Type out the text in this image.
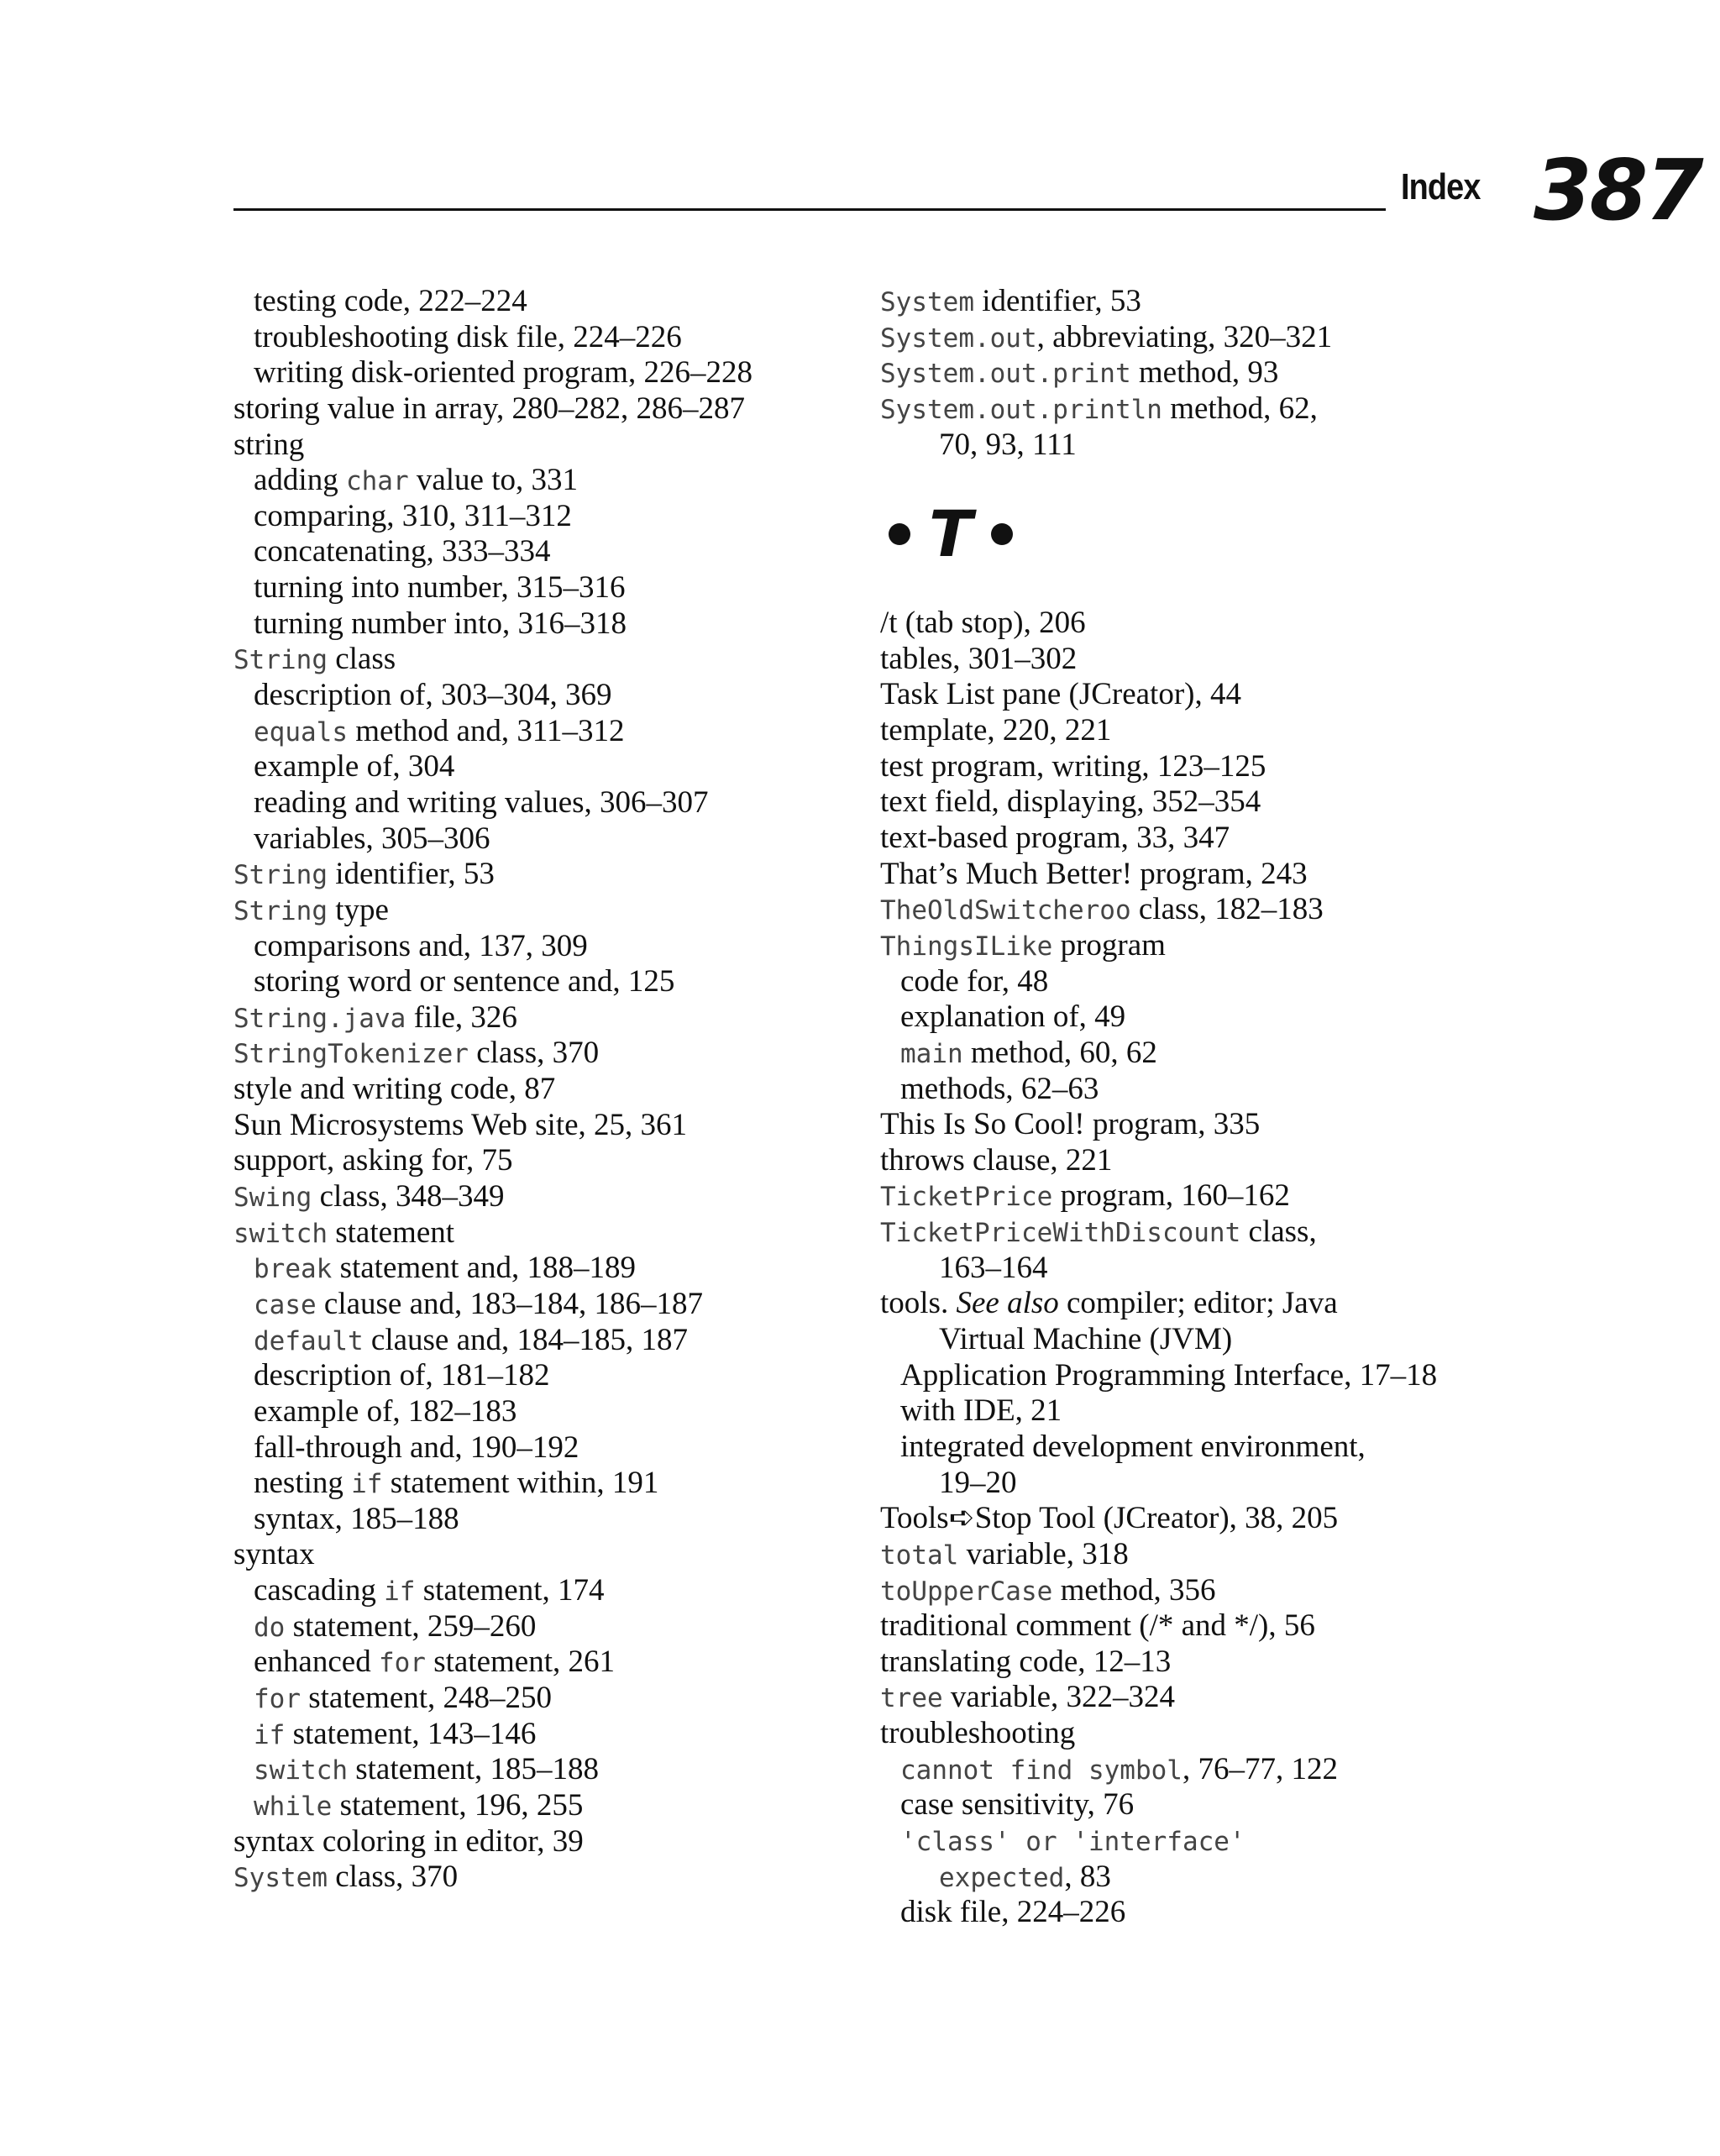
Index 387
testing code, 222–224
troubleshooting disk file, 224–226
writing disk-oriented program, 226–228
storing value in array, 280–282, 286–287
string
adding char value to, 331
comparing, 310, 311–312
concatenating, 333–334
turning into number, 315–316
turning number into, 316–318
String class
description of, 303–304, 369
equals method and, 311–312
example of, 304
reading and writing values, 306–307
variables, 305–306
String identifier, 53
String type
comparisons and, 137, 309
storing word or sentence and, 125
String.java file, 326
StringTokenizer class, 370
style and writing code, 87
Sun Microsystems Web site, 25, 361
support, asking for, 75
Swing class, 348–349
switch statement
break statement and, 188–189
case clause and, 183–184, 186–187
default clause and, 184–185, 187
description of, 181–182
example of, 182–183
fall-through and, 190–192
nesting if statement within, 191
syntax, 185–188
syntax
cascading if statement, 174
do statement, 259–260
enhanced for statement, 261
for statement, 248–250
if statement, 143–146
switch statement, 185–188
while statement, 196, 255
syntax coloring in editor, 39
System class, 370
System identifier, 53
System.out, abbreviating, 320–321
System.out.print method, 93
System.out.println method, 62,
70, 93, 111
T
/t (tab stop), 206
tables, 301–302
Task List pane (JCreator), 44
template, 220, 221
test program, writing, 123–125
text field, displaying, 352–354
text-based program, 33, 347
That’s Much Better! program, 243
TheOldSwitcheroo class, 182–183
ThingsILike program
code for, 48
explanation of, 49
main method, 60, 62
methods, 62–63
This Is So Cool! program, 335
throws clause, 221
TicketPrice program, 160–162
TicketPriceWithDiscount class,
163–164
tools. See also compiler; editor; Java
Virtual Machine (JVM)
Application Programming Interface, 17–18
with IDE, 21
integrated development environment,
19–20
Tools➪Stop Tool (JCreator), 38, 205
total variable, 318
toUpperCase method, 356
traditional comment (/* and */), 56
translating code, 12–13
tree variable, 322–324
troubleshooting
cannot find symbol, 76–77, 122
case sensitivity, 76
'class' or 'interface'
expected, 83
disk file, 224–226
